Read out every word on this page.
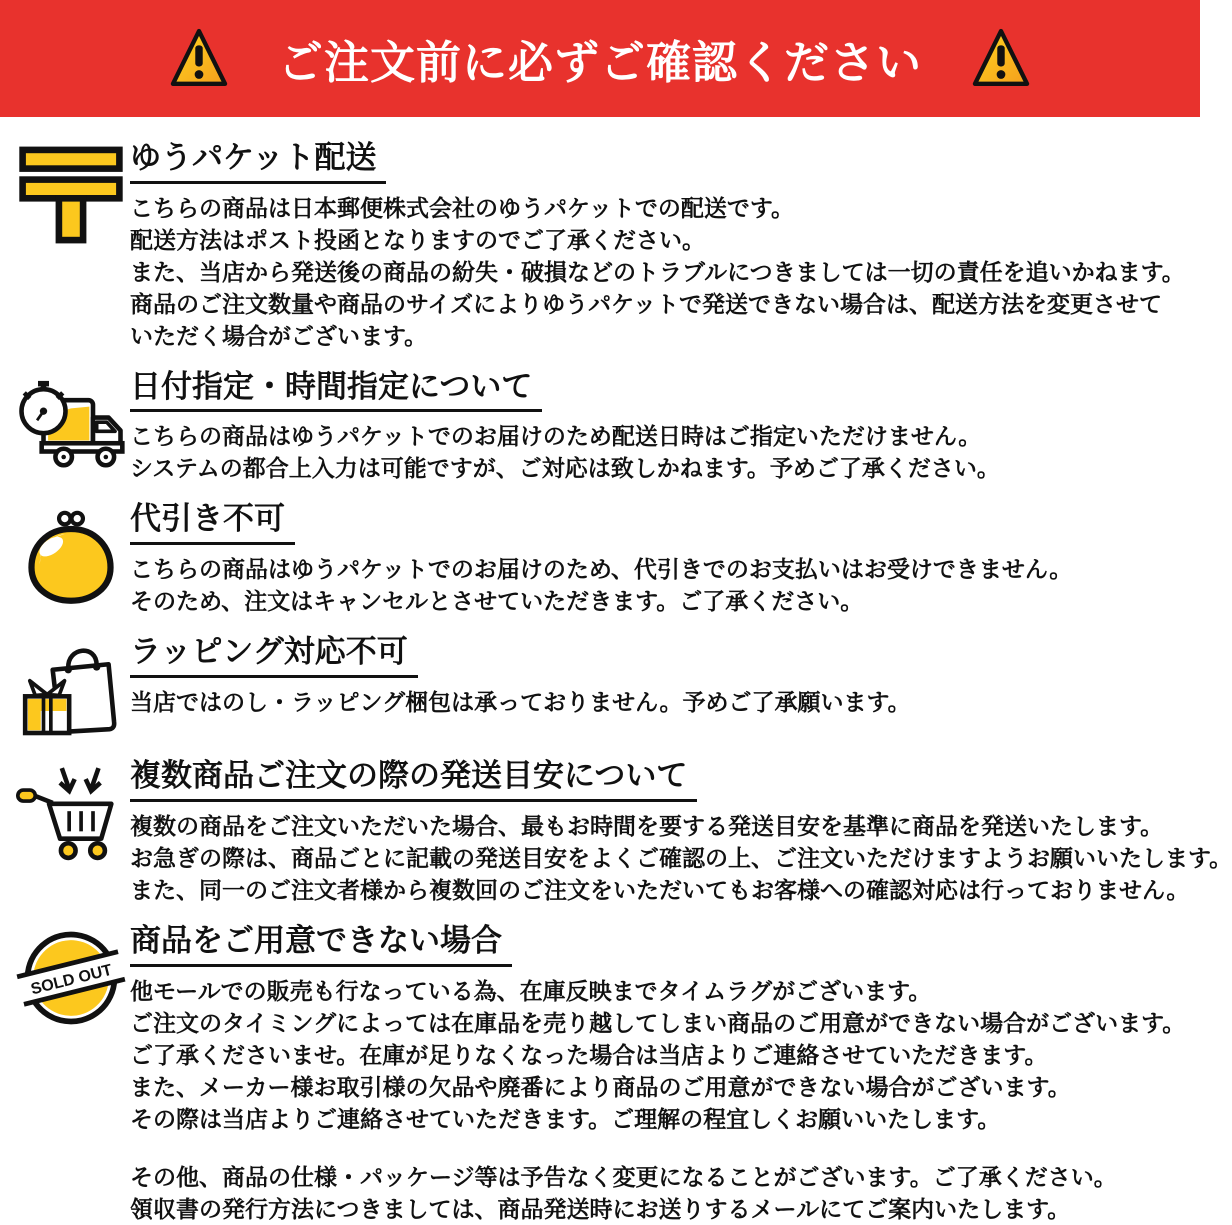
ご注文前に必ずご確認ください
ゆうパケット配送
こちらの商品は日本郵便株式会社のゆうパケットでの配送です。
配送方法はポスト投函となりますのでご了承ください。
また、当店から発送後の商品の紛失・破損などのトラブルにつきましては一切の責任を追いかねます。
商品のご注文数量や商品のサイズによりゆうパケットで発送できない場合は、配送方法を変更させて
いただく場合がございます。
日付指定・時間指定について
こちらの商品はゆうパケットでのお届けのため配送日時はご指定いただけません。
システムの都合上入力は可能ですが、ご対応は致しかねます。予めご了承ください。
代引き不可
こちらの商品はゆうパケットでのお届けのため、代引きでのお支払いはお受けできません。
そのため、注文はキャンセルとさせていただきます。ご了承ください。
ラッピング対応不可
当店ではのし・ラッピング梱包は承っておりません。予めご了承願います。
複数商品ご注文の際の発送目安について
複数の商品をご注文いただいた場合、最もお時間を要する発送目安を基準に商品を発送いたします。
お急ぎの際は、商品ごとに記載の発送目安をよくご確認の上、ご注文いただけますようお願いいたします。
また、同一のご注文者様から複数回のご注文をいただいてもお客様への確認対応は行っておりません。
商品をご用意できない場合
他モールでの販売も行なっている為、在庫反映までタイムラグがございます。
ご注文のタイミングによっては在庫品を売り越してしまい商品のご用意ができない場合がございます。
ご了承くださいませ。在庫が足りなくなった場合は当店よりご連絡させていただきます。
また、メーカー様お取引様の欠品や廃番により商品のご用意ができない場合がございます。
その際は当店よりご連絡させていただきます。ご理解の程宜しくお願いいたします。
その他、商品の仕様・パッケージ等は予告なく変更になることがございます。ご了承ください。
領収書の発行方法につきましては、商品発送時にお送りするメールにてご案内いたします。
